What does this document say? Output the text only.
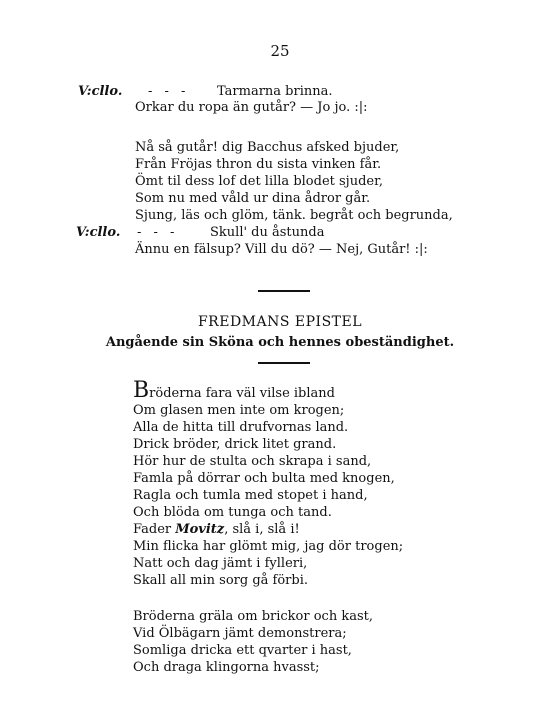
25
V:cllo. - - - Tarmarna brinna.
Orkar du ropa än gutår? — Jo jo. :|:
Nå så gutår! dig Bacchus afsked bjuder,
Från Fröjas thron du sista vinken får.
Ömt til dess lof det lilla blodet sjuder,
Som nu med våld ur dina ådror går.
Sjung, läs och glöm, tänk. begråt och begrunda,
V:cllo. - - - Skull' du åstunda
Ännu en fälsup? Vill du dö? — Nej, Gutår! :|:
FREDMANS EPISTEL
Angående sin Sköna och hennes obeständighet.
Bröderna fara väl vilse ibland
Om glasen men inte om krogen;
Alla de hitta till drufvornas land.
Drick bröder, drick litet grand.
Hör hur de stulta och skrapa i sand,
Famla på dörrar och bulta med knogen,
Ragla och tumla med stopet i hand,
Och blöda om tunga och tand.
Fader Movitz, slå i, slå i!
Min flicka har glömt mig, jag dör trogen;
Natt och dag jämt i fylleri,
Skall all min sorg gå förbi.
Bröderna gräla om brickor och kast,
Vid Ölbägarn jämt demonstrera;
Somliga dricka ett qvarter i hast,
Och draga klingorna hvasst;
